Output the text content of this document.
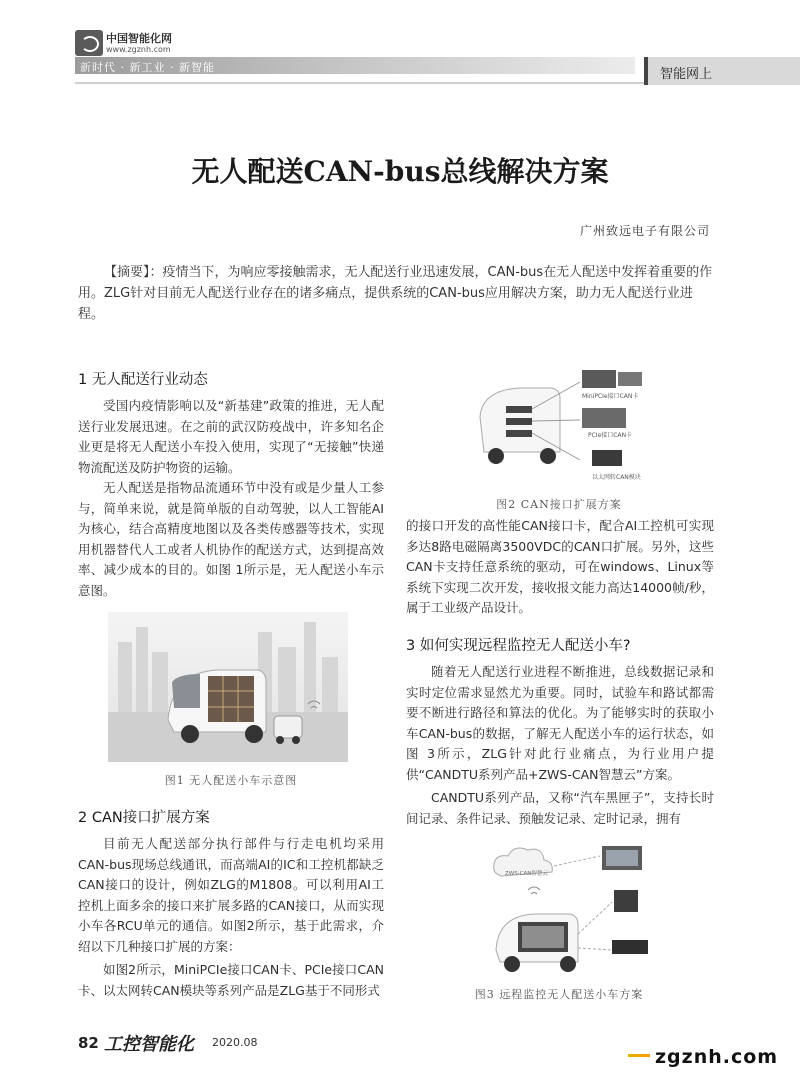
中国智能化网
www.zgznh.com
新时代 · 新工业 · 新智能	智能网上
无人配送CAN-bus总线解决方案
广州致远电子有限公司
【摘要】：疫情当下，为响应零接触需求，无人配送行业迅速发展，CAN-bus在无人配送中发挥着重要的作用。ZLG针对目前无人配送行业存在的诸多痛点，提供系统的CAN-bus应用解决方案，助力无人配送行业进程。
1 无人配送行业动态
受国内疫情影响以及“新基建”政策的推进，无人配送行业发展迅速。在之前的武汉防疫战中，许多知名企业更是将无人配送小车投入使用，实现了“无接触”快递物流配送及防护物资的运输。
无人配送是指物品流通环节中没有或是少量人工参与，简单来说，就是简单版的自动驾驶，以人工智能AI为核心，结合高精度地图以及各类传感器等技术，实现用机器替代人工或者人机协作的配送方式，达到提高效率、减少成本的目的。如图 1所示是，无人配送小车示意图。
图1 无人配送小车示意图
2 CAN接口扩展方案
目前无人配送部分执行部件与行走电机均采用CAN-bus现场总线通讯，而高端AI的IC和工控机都缺乏CAN接口的设计，例如ZLG的M1808。可以利用AI工控机上面多余的接口来扩展多路的CAN接口，从而实现小车各RCU单元的通信。如图2所示，基于此需求，介绍以下几种接口扩展的方案：
如图2所示，MiniPCIe接口CAN卡、PCIe接口CAN卡、以太网转CAN模块等系列产品是ZLG基于不同形式
MiniPCIe接口CAN卡
PCIe接口CAN卡
以太网转CAN模块
图2 CAN接口扩展方案
的接口开发的高性能CAN接口卡，配合AI工控机可实现多达8路电磁隔离3500VDC的CAN口扩展。另外，这些CAN卡支持任意系统的驱动，可在windows、Linux等系统下实现二次开发，接收报文能力高达14000帧/秒，属于工业级产品设计。
3 如何实现远程监控无人配送小车?
随着无人配送行业进程不断推进，总线数据记录和实时定位需求显然尤为重要。同时，试验车和路试都需要不断进行路径和算法的优化。为了能够实时的获取小车CAN-bus的数据，了解无人配送小车的运行状态，如图 3所示，ZLG针对此行业痛点，为行业用户提供“CANDTU系列产品+ZWS-CAN智慧云”方案。
CANDTU系列产品，又称“汽车黑匣子”，支持长时间记录、条件记录、预触发记录、定时记录，拥有
ZWS-CAN智慧云
图3 远程监控无人配送小车方案
82 工控智能化 2020.08
zgznh.com
